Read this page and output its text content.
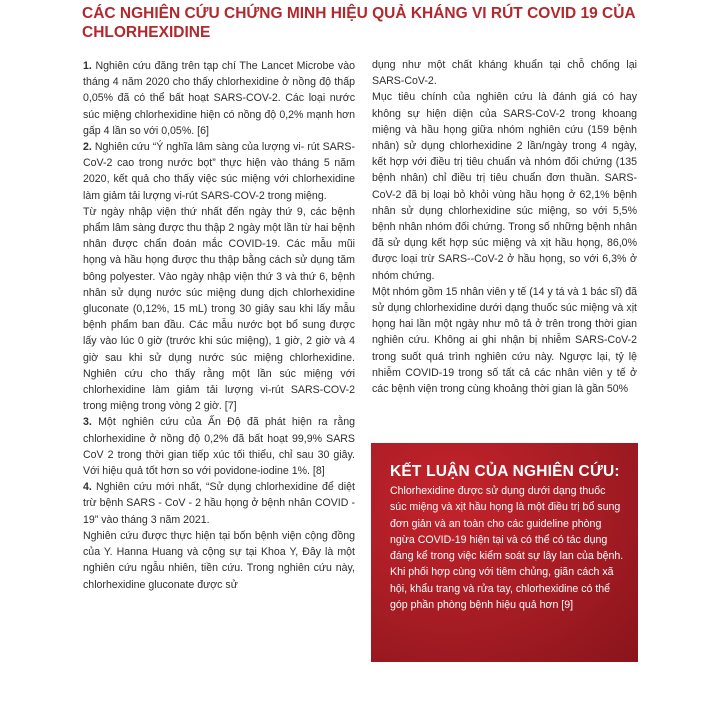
CÁC NGHIÊN CỨU CHỨNG MINH HIỆU QUẢ KHÁNG VI RÚT COVID 19 CỦA CHLORHEXIDINE

1. Nghiên cứu đăng trên tạp chí The Lancet Microbe vào tháng 4 năm 2020 cho thấy chlorhexidine ở nồng độ thấp 0,05% đã có thể bất hoạt SARS-COV-2. Các loại nước súc miệng chlorhexidine hiện có nồng độ 0,2% mạnh hơn gấp 4 lần so với 0,05%. [6]

2. Nghiên cứu “Ý nghĩa lâm sàng của lượng vi- rút SARS-CoV-2 cao trong nước bọt” thực hiện vào tháng 5 năm 2020, kết quả cho thấy việc súc miệng với chlorhexidine làm giảm tải lượng vi-rút SARS-COV-2 trong miệng.

Từ ngày nhập viện thứ nhất đến ngày thứ 9, các bệnh phẩm lâm sàng được thu thập 2 ngày một lần từ hai bệnh nhân được chẩn đoán mắc COVID-19. Các mẫu mũi họng và hầu họng được thu thập bằng cách sử dụng tăm bông polyester. Vào ngày nhập viện thứ 3 và thứ 6, bệnh nhân sử dụng nước súc miệng dung dịch chlorhexidine gluconate (0,12%, 15 mL) trong 30 giây sau khi lấy mẫu bệnh phẩm ban đầu. Các mẫu nước bọt bổ sung được lấy vào lúc 0 giờ (trước khi súc miệng), 1 giờ, 2 giờ và 4 giờ sau khi sử dụng nước súc miệng chlorhexidine. Nghiên cứu cho thấy rằng một lần súc miệng với chlorhexidine làm giảm tải lượng vi-rút SARS-COV-2 trong miệng trong vòng 2 giờ. [7]

3. Một nghiên cứu của Ấn Độ đã phát hiện ra rằng chlorhexidine ở nồng độ 0,2% đã bất hoạt 99,9% SARS CoV 2 trong thời gian tiếp xúc tối thiểu, chỉ sau 30 giây. Với hiệu quả tốt hơn so với povidone-iodine 1%. [8]

4. Nghiên cứu mới nhất, “Sử dụng chlorhexidine để diệt trừ bệnh SARS - CoV - 2 hầu họng ở bệnh nhân COVID - 19” vào tháng 3 năm 2021.

Nghiên cứu được thực hiện tại bốn bệnh viện cộng đồng của Y. Hanna Huang và cộng sự tại Khoa Y, Đây là một nghiên cứu ngẫu nhiên, tiền cứu. Trong nghiên cứu này, chlorhexidine gluconate được sử

dụng như một chất kháng khuẩn tại chỗ chống lại SARS-CoV-2.

Mục tiêu chính của nghiên cứu là đánh giá có hay không sự hiện diện của SARS-CoV-2 trong khoang miệng và hầu họng giữa nhóm nghiên cứu (159 bệnh nhân) sử dụng chlorhexidine 2 lần/ngày trong 4 ngày, kết hợp với điều trị tiêu chuẩn và nhóm đối chứng (135 bệnh nhân) chỉ điều trị tiêu chuẩn đơn thuần. SARS-CoV-2 đã bị loại bỏ khỏi vùng hầu họng ở 62,1% bệnh nhân sử dụng chlorhexidine súc miệng, so với 5,5% bệnh nhân nhóm đối chứng. Trong số những bệnh nhân đã sử dụng kết hợp súc miệng và xịt hầu họng, 86,0% được loại trừ SARS--CoV-2 ở hầu họng, so với 6,3% ở nhóm chứng.

Một nhóm gồm 15 nhân viên y tế (14 y tá và 1 bác sĩ) đã sử dụng chlorhexidine dưới dạng thuốc súc miệng và xịt họng hai lần một ngày như mô tả ở trên trong thời gian nghiên cứu. Không ai ghi nhận bị nhiễm SARS-CoV-2 trong suốt quá trình nghiên cứu này. Ngược lại, tỷ lệ nhiễm COVID-19 trong số tất cả các nhân viên y tế ở các bệnh viện trong cùng khoảng thời gian là gần 50%

KẾT LUẬN CỦA NGHIÊN CỨU:

Chlorhexidine được sử dụng dưới dạng thuốc súc miệng và xịt hầu họng là một điều trị bổ sung đơn giản và an toàn cho các guideline phòng ngừa COVID-19 hiện tại và có thể có tác dụng đáng kể trong việc kiểm soát sự lây lan của bệnh. Khi phối hợp cùng với tiêm chủng, giãn cách xã hội, khẩu trang và rửa tay, chlorhexidine có thể góp phần phòng bệnh hiệu quả hơn [9]
